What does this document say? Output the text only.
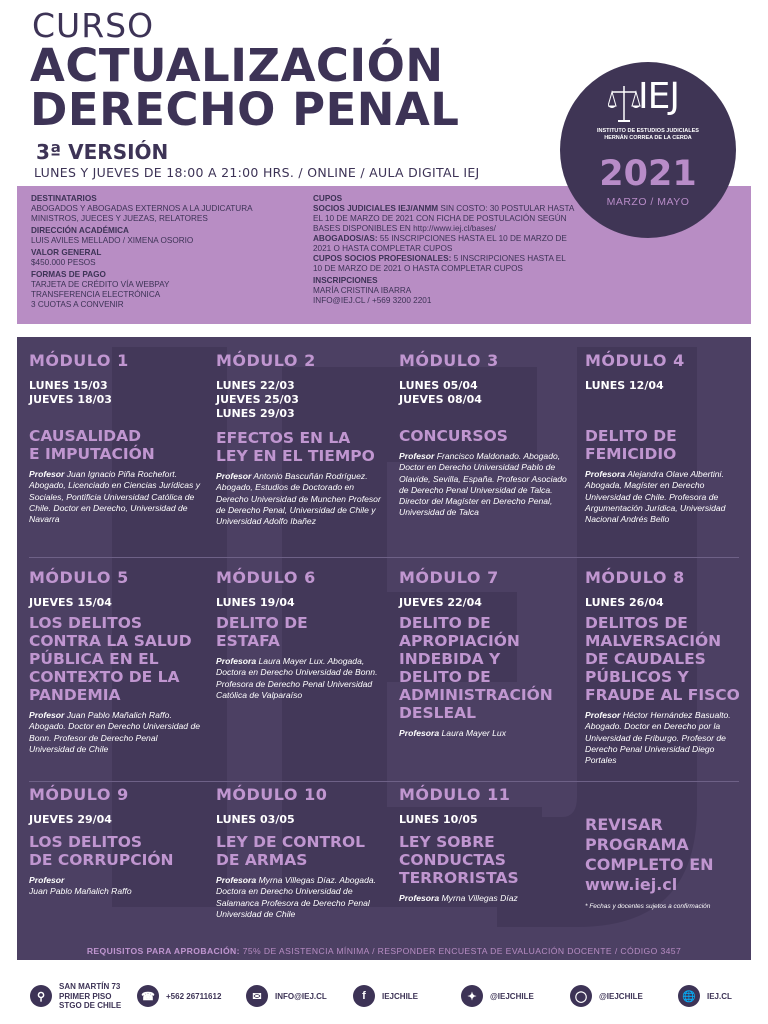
CURSO
ACTUALIZACIÓN
DERECHO PENAL
3ª VERSIÓN
LUNES Y JUEVES DE 18:00 A 21:00 HRS. / ONLINE / AULA DIGITAL IEJ
IEJ
INSTITUTO DE ESTUDIOS JUDICIALES
HERNÁN CORREA DE LA CERDA
2021
MARZO / MAYO
DESTINATARIOS
ABOGADOS Y ABOGADAS EXTERNOS A LA JUDICATURA MINISTROS, JUECES Y JUEZAS, RELATORES
DIRECCIÓN ACADÉMICA
LUIS AVILES MELLADO / XIMENA OSORIO
VALOR GENERAL
$450.000 PESOS
FORMAS DE PAGO
TARJETA DE CRÉDITO VÍA WEBPAY
TRANSFERENCIA ELECTRÓNICA
3 CUOTAS A CONVENIR
CUPOS
SOCIOS JUDICIALES IEJ/ANMM SIN COSTO: 30 POSTULAR HASTA EL 10 DE MARZO DE 2021 CON FICHA DE POSTULACIÓN SEGÚN BASES DISPONIBLES EN http://www.iej.cl/bases/
ABOGADOS/AS: 55 INSCRIPCIONES HASTA EL 10 DE MARZO DE 2021 O HASTA COMPLETAR CUPOS
CUPOS SOCIOS PROFESIONALES: 5 INSCRIPCIONES HASTA EL 10 DE MARZO DE 2021 O HASTA COMPLETAR CUPOS
INSCRIPCIONES
MARÍA CRISTINA IBARRA
INFO@IEJ.CL / +569 3200 2201
MÓDULO 1
LUNES 15/03
JUEVES 18/03
CAUSALIDAD
E IMPUTACIÓN
Profesor Juan Ignacio Piña Rochefort. Abogado, Licenciado en Ciencias Jurídicas y Sociales, Pontificia Universidad Católica de Chile. Doctor en Derecho, Universidad de Navarra
MÓDULO 2
LUNES 22/03
JUEVES 25/03
LUNES 29/03
EFECTOS EN LA
LEY EN EL TIEMPO
Profesor Antonio Bascuñán Rodríguez. Abogado, Estudios de Doctorado en Derecho Universidad de Munchen Profesor de Derecho Penal, Universidad de Chile y Universidad Adolfo Ibañez
MÓDULO 3
LUNES 05/04
JUEVES 08/04
CONCURSOS
Profesor Francisco Maldonado. Abogado, Doctor en Derecho Universidad Pablo de Olavide, Sevilla, España. Profesor Asociado de Derecho Penal Universidad de Talca. Director del Magíster en Derecho Penal, Universidad de Talca
MÓDULO 4
LUNES 12/04
DELITO DE
FEMICIDIO
Profesora Alejandra Olave Albertini. Abogada, Magíster en Derecho Universidad de Chile. Profesora de Argumentación Jurídica, Universidad Nacional Andrés Bello
MÓDULO 5
JUEVES 15/04
LOS DELITOS
CONTRA LA SALUD
PÚBLICA EN EL
CONTEXTO DE LA
PANDEMIA
Profesor Juan Pablo Mañalich Raffo. Abogado. Doctor en Derecho Universidad de Bonn. Profesor de Derecho Penal Universidad de Chile
MÓDULO 6
LUNES 19/04
DELITO DE
ESTAFA
Profesora Laura Mayer Lux. Abogada, Doctora en Derecho Universidad de Bonn. Profesora de Derecho Penal Universidad Católica de Valparaíso
MÓDULO 7
JUEVES 22/04
DELITO DE
APROPIACIÓN
INDEBIDA Y
DELITO DE
ADMINISTRACIÓN
DESLEAL
Profesora Laura Mayer Lux
MÓDULO 8
LUNES 26/04
DELITOS DE
MALVERSACIÓN
DE CAUDALES
PÚBLICOS Y
FRAUDE AL FISCO
Profesor Héctor Hernández Basualto. Abogado. Doctor en Derecho por la Universidad de Friburgo. Profesor de Derecho Penal Universidad Diego Portales
MÓDULO 9
JUEVES 29/04
LOS DELITOS
DE CORRUPCIÓN
Profesor
Juan Pablo Mañalich Raffo
MÓDULO 10
LUNES 03/05
LEY DE CONTROL
DE ARMAS
Profesora Myrna Villegas Díaz. Abogada. Doctora en Derecho Universidad de Salamanca Profesora de Derecho Penal Universidad de Chile
MÓDULO 11
LUNES 10/05
LEY SOBRE
CONDUCTAS
TERRORISTAS
Profesora Myrna Villegas Díaz
REVISAR
PROGRAMA
COMPLETO EN
www.iej.cl
* Fechas y docentes sujetos a confirmación
REQUISITOS PARA APROBACIÓN: 75% DE ASISTENCIA MÍNIMA / RESPONDER ENCUESTA DE EVALUACIÓN DOCENTE / CÓDIGO 3457
⚲
SAN MARTÍN 73
PRIMER PISO
STGO DE CHILE
☎	+562 26711612	✉	INFO@IEJ.CL	f	IEJCHILE	✦	@IEJCHILE	◯	@IEJCHILE	🌐	IEJ.CL
